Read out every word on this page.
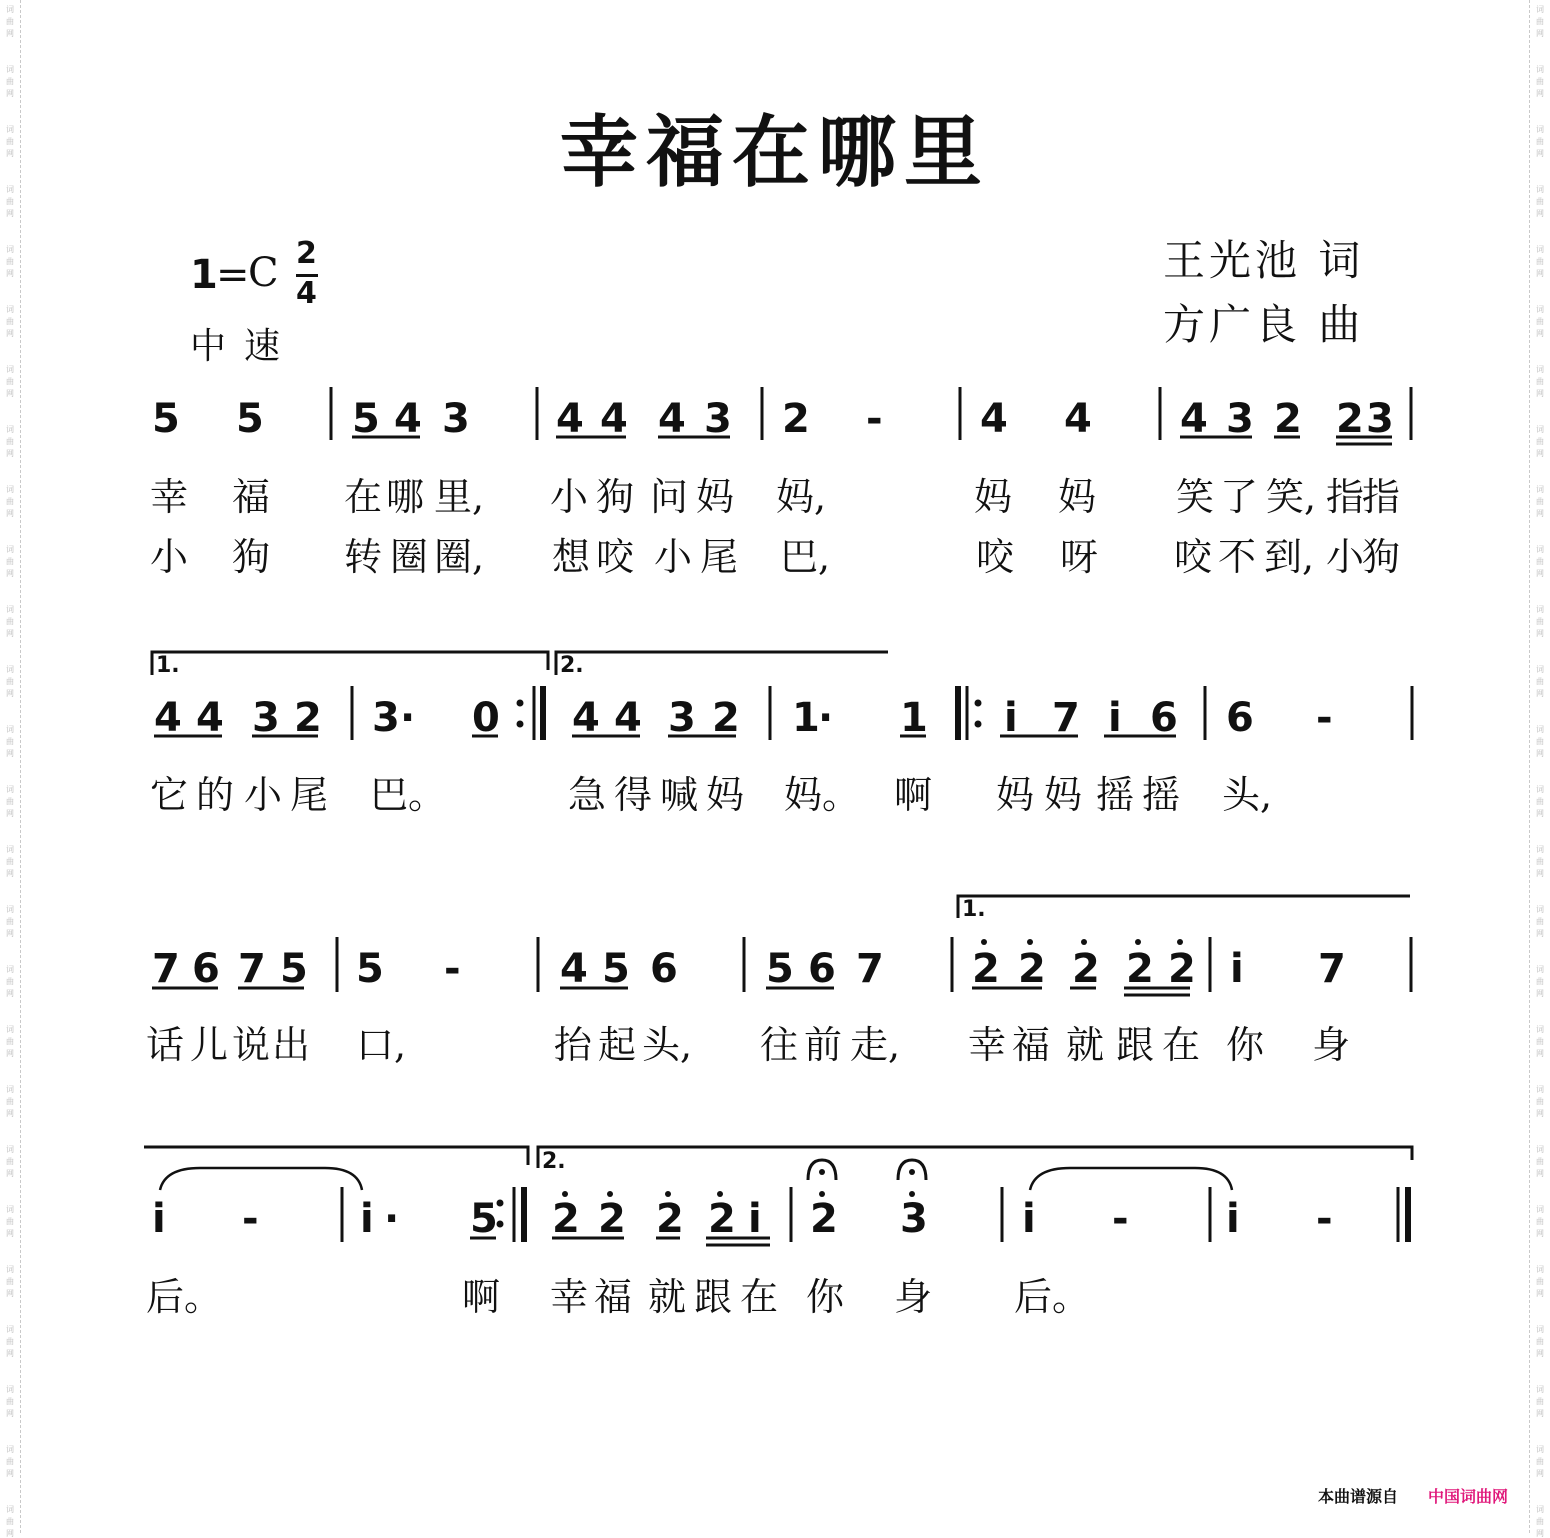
词
曲
网
词
曲
网
词
曲
网
词
曲
网
词
曲
网
词
曲
网
词
曲
网
词
曲
网
词
曲
网
词
曲
网
词
曲
网
词
曲
网
词
曲
网
词
曲
网
词
曲
网
词
曲
网
词
曲
网
词
曲
网
词
曲
网
词
曲
网
词
曲
网
词
曲
网
词
曲
网
词
曲
网
词
曲
网
词
曲
网
词
曲
网
词
曲
网
词
曲
网
词
曲
网
词
曲
网
词
曲
网
词
曲
网
词
曲
网
词
曲
网
词
曲
网
词
曲
网
词
曲
网
词
曲
网
词
曲
网
词
曲
网
词
曲
网
词
曲
网
词
曲
网
词
曲
网
词
曲
网
词
曲
网
词
曲
网
词
曲
网
词
曲
网
词
曲
网
词
曲
网
幸福在哪里
1
=
C 2
4
中速
王光池 词
方广良 曲
5 5 5 4 3 4 4 4 3 2 - 4 4 4 3 2 2 3
幸 福 在 哪 里, 小 狗 问 妈 妈,	妈 妈 笑 了 笑, 指
指
小 狗 转 圈 圈, 想 咬 小 尾 巴,	咬 呀 咬 不 到, 小
狗
1.	2.
4 4 3 2 3 · 0 4 4 3 2 1
· 1 i 7 i 6 6 -
它 的 小 尾 巴。	急 得 喊 妈 妈。 啊 妈 妈 摇 摇 头,
1.
7 6 7 5 5 - 4 5 6 5 6 7 2 2 2 2 2 i 7
话 儿 说 出 口,	抬 起 头, 往 前 走, 幸 福 就 跟 在 你 身
2.
i -	i · 5 2 2 2 2 i 2 3 i - i -
后。	啊 幸 福 就 跟 在 你 身 后。
本曲谱源自 中国词曲网
